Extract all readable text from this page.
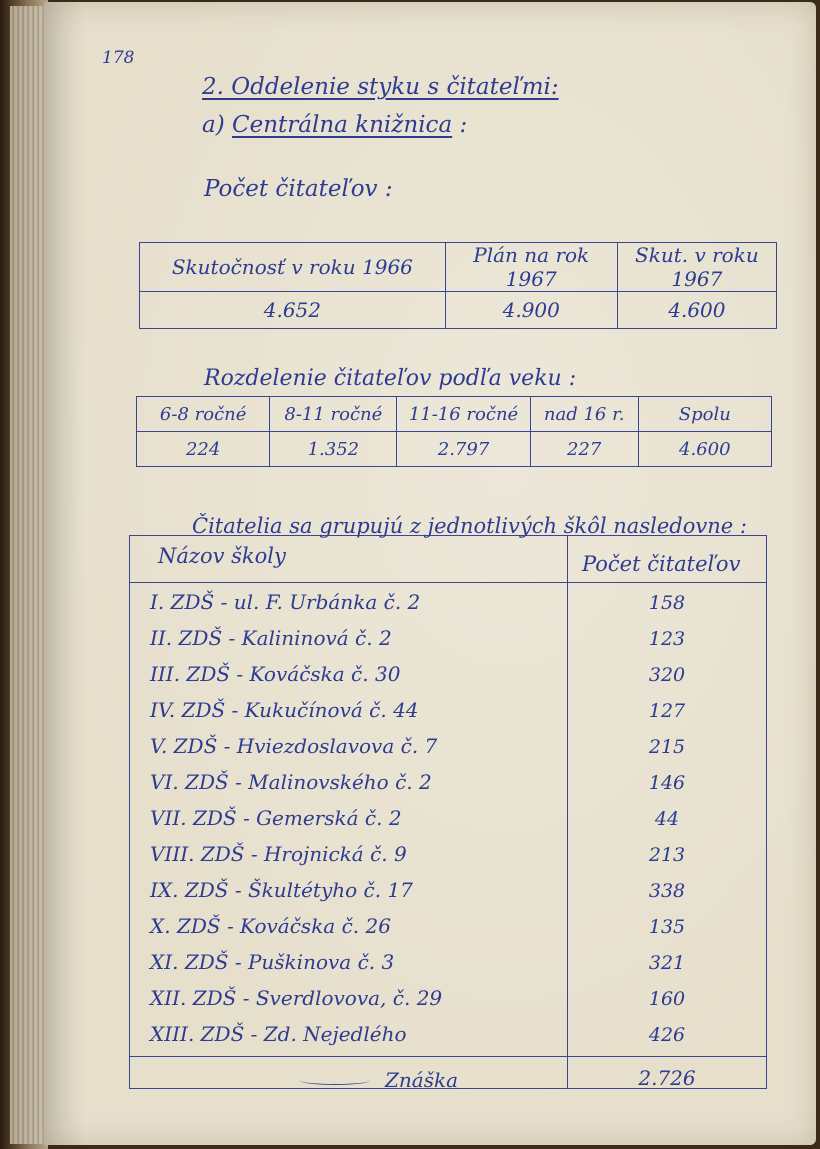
178
2. Oddelenie styku s čitateľmi:
a) Centrálna knižnica :
Počet čitateľov :
Skutočnosť v roku 1966	Plán na rok 1967	Skut. v roku 1967
4.652	4.900	4.600
Rozdelenie čitateľov podľa veku :
6-8 ročné	8-11 ročné	11-16 ročné	nad 16 r.	Spolu
224	1.352	2.797	227	4.600
Čitatelia sa grupujú z jednotlivých škôl nasledovne :
Názov školy	Počet čitateľov
I. ZDŠ - ul. F. Urbánka č. 2	158
II. ZDŠ - Kalininová č. 2	123
III. ZDŠ - Kováčska č. 30	320
IV. ZDŠ - Kukučínová č. 44	127
V. ZDŠ - Hviezdoslavova č. 7	215
VI. ZDŠ - Malinovského č. 2	146
VII. ZDŠ - Gemerská č. 2	44
VIII. ZDŠ - Hrojnická č. 9	213
IX. ZDŠ - Škultétyho č. 17	338
X. ZDŠ - Kováčska č. 26	135
XI. ZDŠ - Puškinova č. 3	321
XII. ZDŠ - Sverdlovova, č. 29	160
XIII. ZDŠ - Zd. Nejedlého	426
Znáška	2.726
